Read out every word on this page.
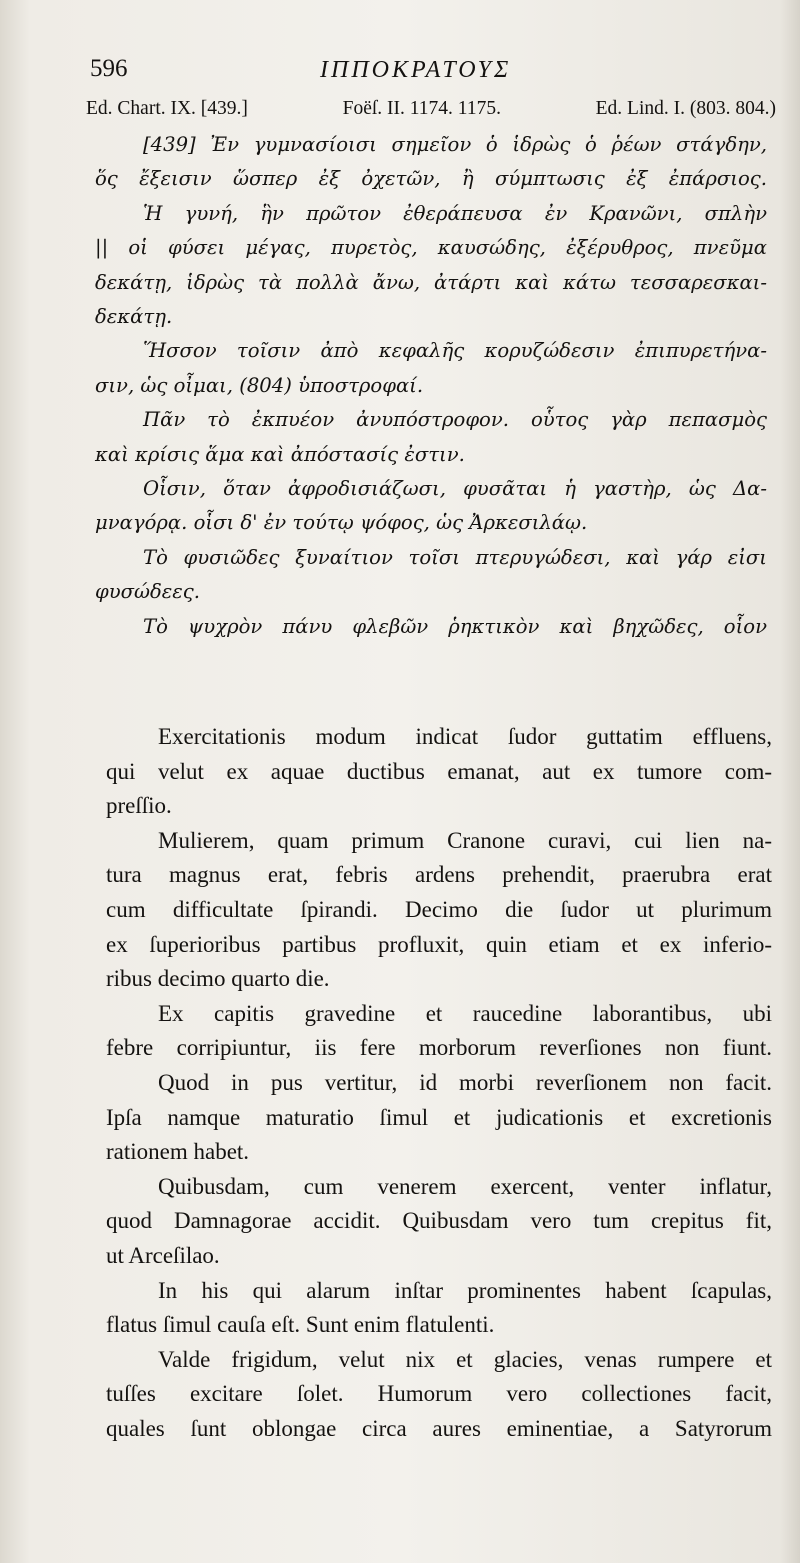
596	ΙΠΠΟΚΡΑΤΟΥΣ
Ed. Chart. IX. [439.]	Foëſ. II. 1174. 1175.	Ed. Lind. I. (803. 804.)
[439] Ἐν γυμνασίοισι σημεῖον ὁ ἱδρὼς ὁ ῥέων στάγδην,
ὅς ἔξεισιν ὥσπερ ἐξ ὀχετῶν, ἢ σύμπτωσις ἐξ ἐπάρσιος.
Ἡ γυνή, ἣν πρῶτον ἐθεράπευσα ἐν Κρανῶνι, σπλὴν
|| οἱ φύσει μέγας, πυρετὸς, καυσώδης, ἐξέρυθρος, πνεῦμα
δεκάτῃ, ἱδρὼς τὰ πολλὰ ἄνω, ἀτάρτι καὶ κάτω τεσσαρεσκαι-
δεκάτῃ.
Ἥσσον τοῖσιν ἀπὸ κεφαλῆς κορυζώδεσιν ἐπιπυρετήνα-
σιν, ὡς οἶμαι, (804) ὑποστροφαί.
Πᾶν τὸ ἐκπυέον ἀνυπόστροφον. οὗτος γὰρ πεπασμὸς
καὶ κρίσις ἅμα καὶ ἀπόστασίς ἐστιν.
Οἷσιν, ὅταν ἀφροδισιάζωσι, φυσᾶται ἡ γαστὴρ, ὡς Δα-
μναγόρᾳ. οἷσι δ' ἐν τούτῳ ψόφος, ὡς Ἀρκεσιλάῳ.
Τὸ φυσιῶδες ξυναίτιον τοῖσι πτερυγώδεσι, καὶ γάρ εἰσι
φυσώδεες.
Τὸ ψυχρὸν πάνυ φλεβῶν ῥηκτικὸν καὶ βηχῶδες, οἷον
Exercitationis modum indicat ſudor guttatim effluens,
qui velut ex aquae ductibus emanat, aut ex tumore com-
preſſio.
Mulierem, quam primum Cranone curavi, cui lien na-
tura magnus erat, febris ardens prehendit, praerubra erat
cum difficultate ſpirandi. Decimo die ſudor ut plurimum
ex ſuperioribus partibus profluxit, quin etiam et ex inferio-
ribus decimo quarto die.
Ex capitis gravedine et raucedine laborantibus, ubi
febre corripiuntur, iis fere morborum reverſiones non fiunt.
Quod in pus vertitur, id morbi reverſionem non facit.
Ipſa namque maturatio ſimul et judicationis et excretionis
rationem habet.
Quibusdam, cum venerem exercent, venter inflatur,
quod Damnagorae accidit. Quibusdam vero tum crepitus fit,
ut Arceſilao.
In his qui alarum inſtar prominentes habent ſcapulas,
flatus ſimul cauſa eſt. Sunt enim flatulenti.
Valde frigidum, velut nix et glacies, venas rumpere et
tuſſes excitare ſolet. Humorum vero collectiones facit,
quales ſunt oblongae circa aures eminentiae, a Satyrorum
